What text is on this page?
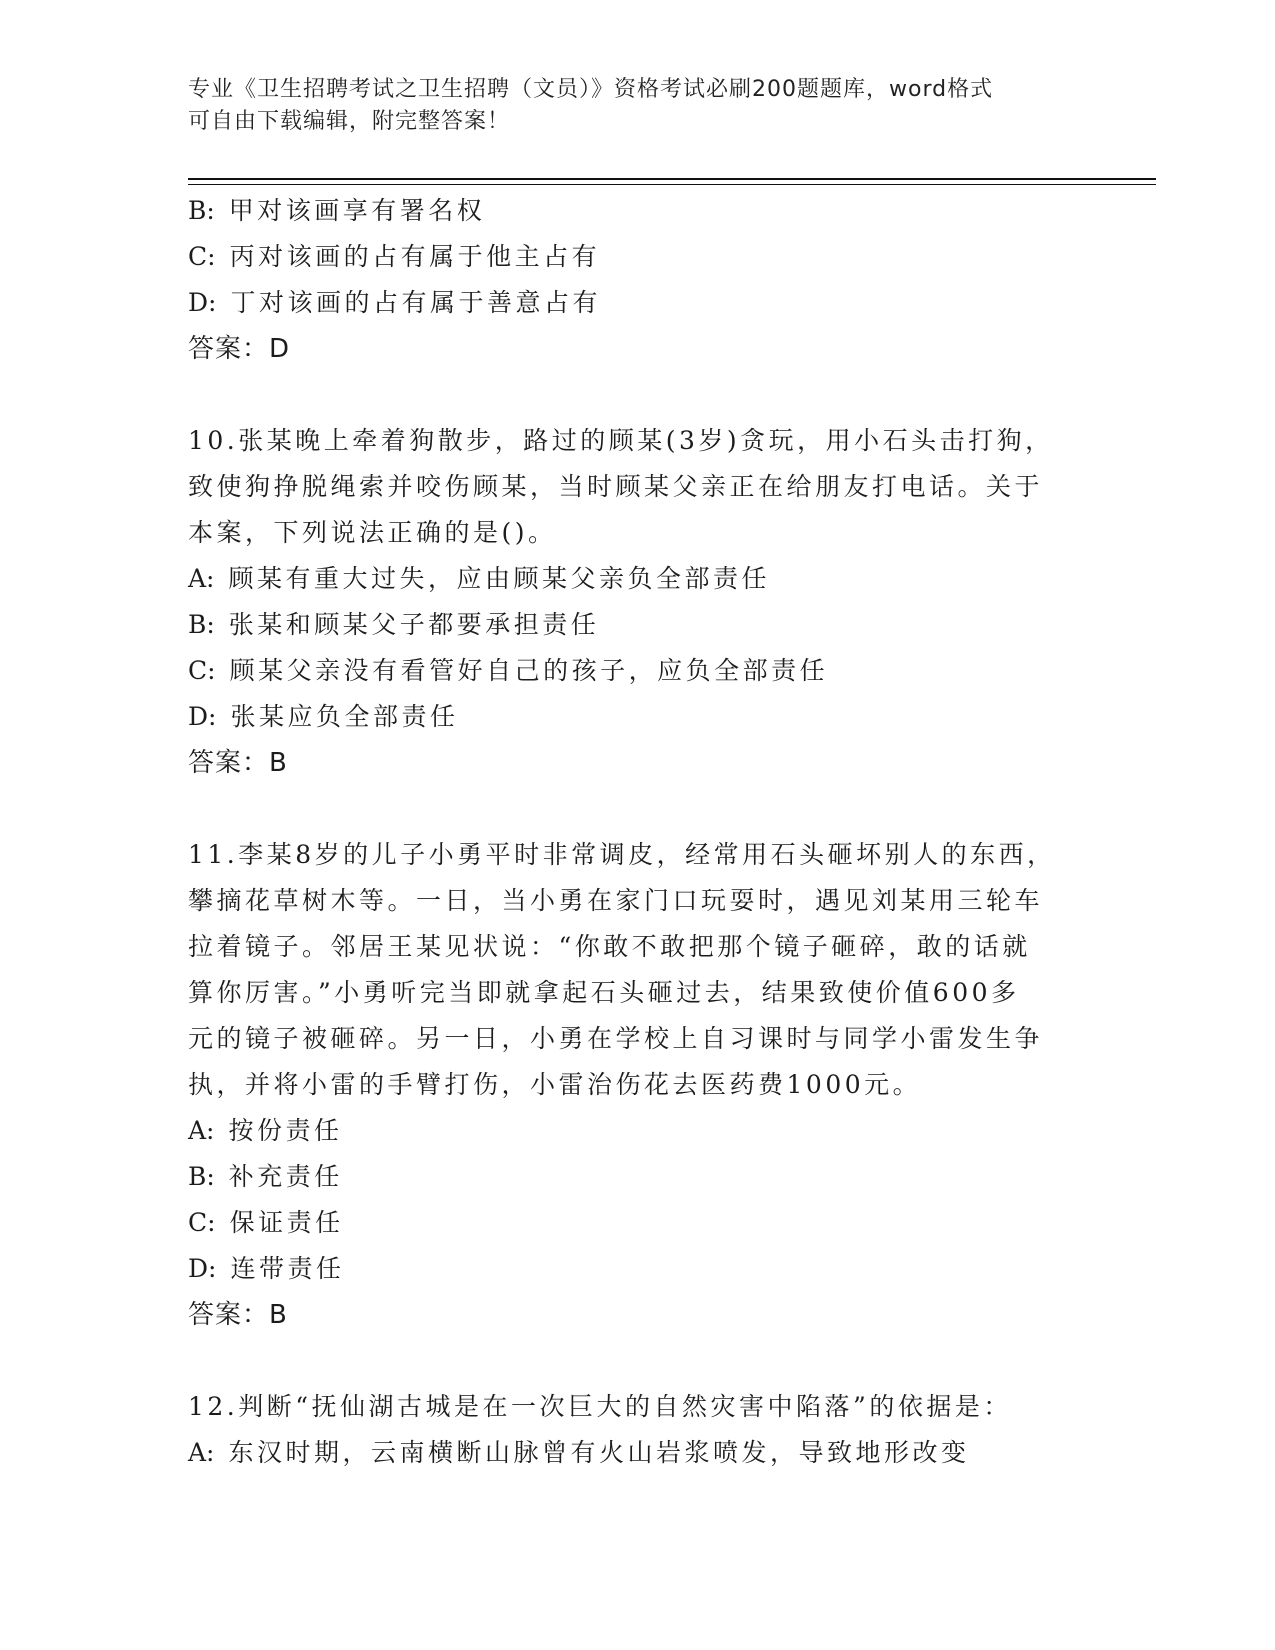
专业《卫生招聘考试之卫生招聘（文员）》资格考试必刷200题题库，word格式
可自由下载编辑，附完整答案！
B: 甲对该画享有署名权
C: 丙对该画的占有属于他主占有
D: 丁对该画的占有属于善意占有
答案：D
10.张某晚上牵着狗散步，路过的顾某(3岁)贪玩，用小石头击打狗，
致使狗挣脱绳索并咬伤顾某，当时顾某父亲正在给朋友打电话。关于
本案，下列说法正确的是()。
A: 顾某有重大过失，应由顾某父亲负全部责任
B: 张某和顾某父子都要承担责任
C: 顾某父亲没有看管好自己的孩子，应负全部责任
D: 张某应负全部责任
答案：B
11.李某8岁的儿子小勇平时非常调皮，经常用石头砸坏别人的东西，
攀摘花草树木等。一日，当小勇在家门口玩耍时，遇见刘某用三轮车
拉着镜子。邻居王某见状说：“你敢不敢把那个镜子砸碎，敢的话就
算你厉害。”小勇听完当即就拿起石头砸过去，结果致使价值600多
元的镜子被砸碎。另一日，小勇在学校上自习课时与同学小雷发生争
执，并将小雷的手臂打伤，小雷治伤花去医药费1000元。
A: 按份责任
B: 补充责任
C: 保证责任
D: 连带责任
答案：B
12.判断“抚仙湖古城是在一次巨大的自然灾害中陷落”的依据是：
A: 东汉时期，云南横断山脉曾有火山岩浆喷发，导致地形改变
